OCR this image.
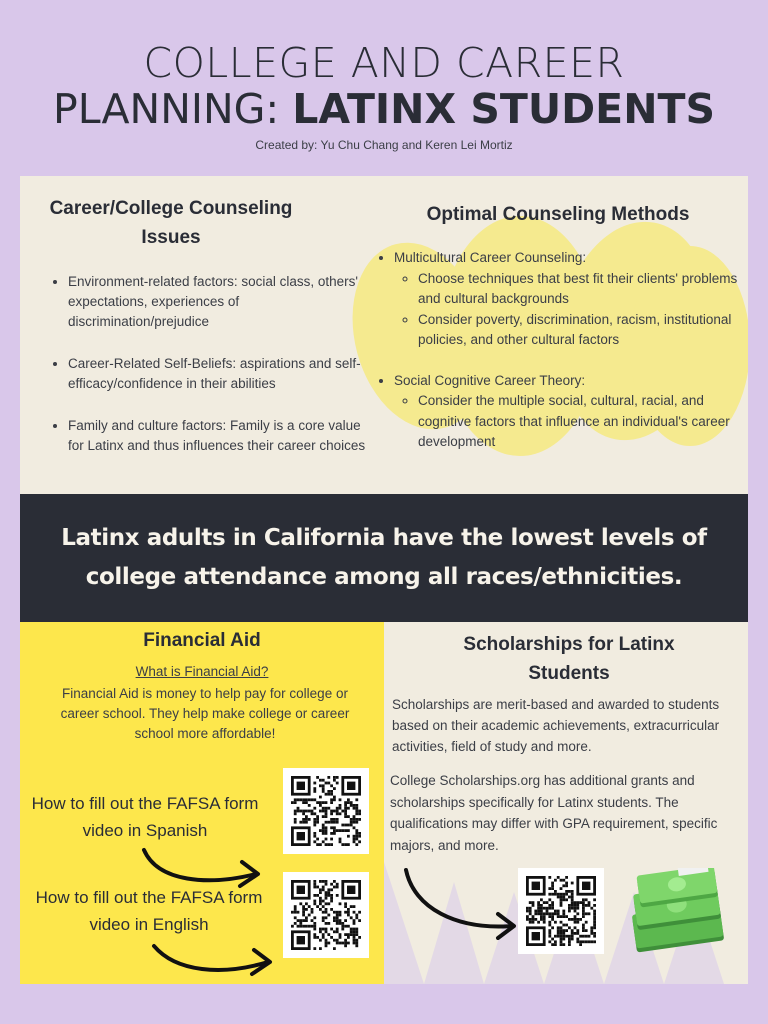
COLLEGE AND CAREER
PLANNING: LATINX STUDENTS
Created by: Yu Chu Chang and Keren Lei Mortiz
Career/College Counseling Issues
• Environment-related factors: social class, others' expectations, experiences of discrimination/prejudice
• Career-Related Self-Beliefs: aspirations and self-efficacy/confidence in their abilities
• Family and culture factors: Family is a core value for Latinx and thus influences their career choices
Optimal Counseling Methods
• Multicultural Career Counseling:
◦ Choose techniques that best fit their clients' problems and cultural backgrounds
◦ Consider poverty, discrimination, racism, institutional policies, and other cultural factors
• Social Cognitive Career Theory:
◦ Consider the multiple social, cultural, racial, and cognitive factors that influence an individual's career development

Latinx adults in California have the lowest levels of college attendance among all races/ethnicities.

Financial Aid
What is Financial Aid?
Financial Aid is money to help pay for college or career school. They help make college or career school more affordable!
How to fill out the FAFSA form video in Spanish
How to fill out the FAFSA form video in English
Scholarships for Latinx Students
Scholarships are merit-based and awarded to students based on their academic achievements, extracurricular activities, field of study and more.
College Scholarships.org has additional grants and scholarships specifically for Latinx students. The qualifications may differ with GPA requirement, specific majors, and more.
